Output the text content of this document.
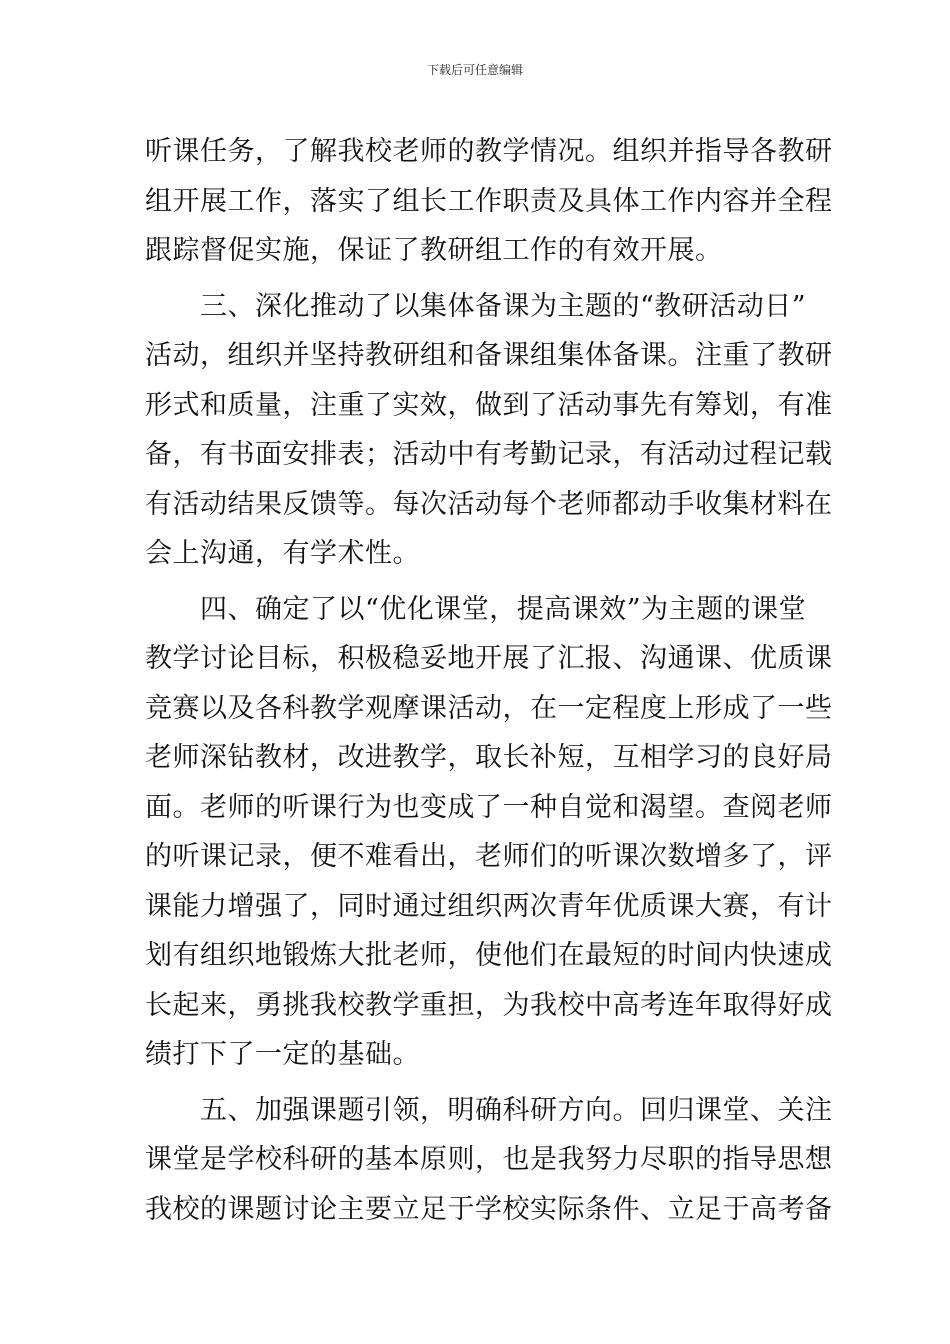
下载后可任意编辑
听课任务，了解我校老师的教学情况。组织并指导各教研
组开展工作，落实了组长工作职责及具体工作内容并全程
跟踪督促实施，保证了教研组工作的有效开展。
三、深化推动了以集体备课为主题的“教研活动日”
活动，组织并坚持教研组和备课组集体备课。注重了教研
形式和质量，注重了实效，做到了活动事先有筹划，有准
备，有书面安排表；活动中有考勤记录，有活动过程记载
有活动结果反馈等。每次活动每个老师都动手收集材料在
会上沟通，有学术性。
四、确定了以“优化课堂，提高课效”为主题的课堂
教学讨论目标，积极稳妥地开展了汇报、沟通课、优质课
竞赛以及各科教学观摩课活动，在一定程度上形成了一些
老师深钻教材，改进教学，取长补短，互相学习的良好局
面。老师的听课行为也变成了一种自觉和渴望。查阅老师
的听课记录，便不难看出，老师们的听课次数增多了，评
课能力增强了，同时通过组织两次青年优质课大赛，有计
划有组织地锻炼大批老师，使他们在最短的时间内快速成
长起来，勇挑我校教学重担，为我校中高考连年取得好成
绩打下了一定的基础。
五、加强课题引领，明确科研方向。回归课堂、关注
课堂是学校科研的基本原则，也是我努力尽职的指导思想
我校的课题讨论主要立足于学校实际条件、立足于高考备
